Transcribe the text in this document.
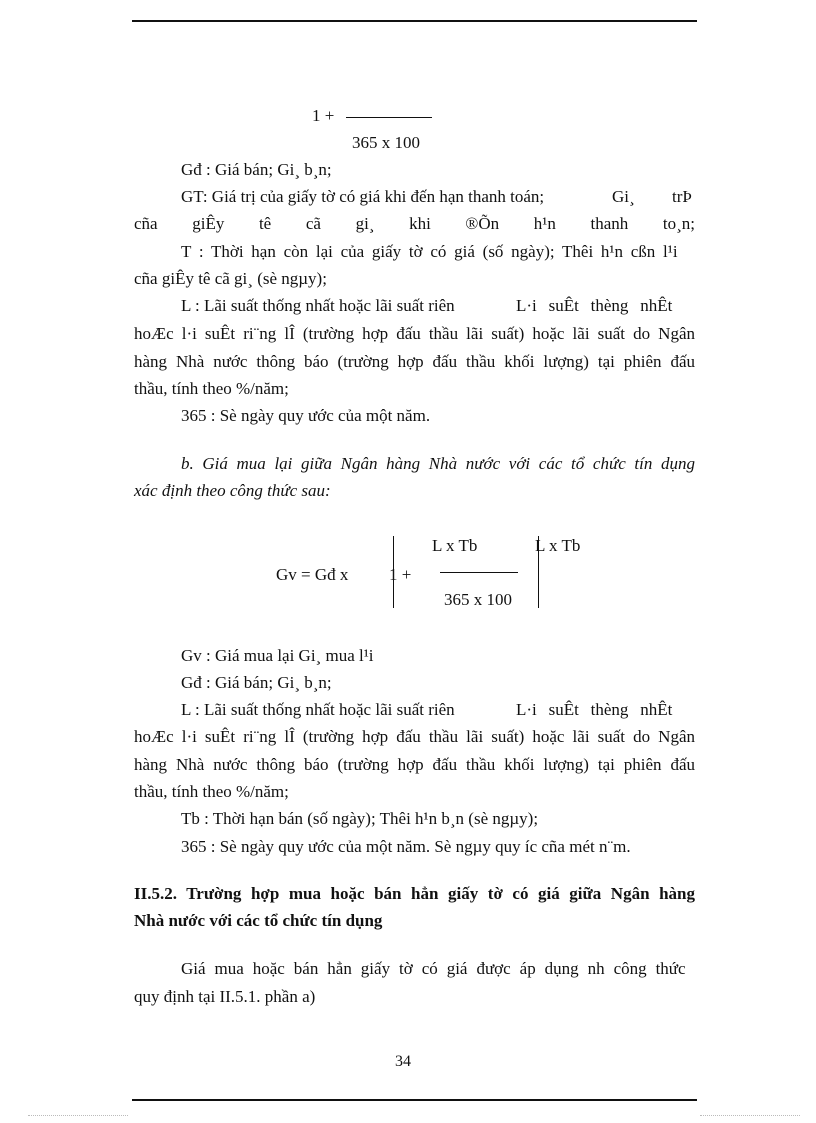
1 +
365 x 100
Gđ : Giá bán; Gi¸ b¸n;
GT: Giá trị của giấy tờ có giá khi đến hạn thanh toán;	Gi¸ trÞ
cña giÊy tê cã gi¸ khi ®Õn h¹n thanh to¸n;
T : Thời hạn còn lại của giấy tờ có giá (số ngày); Thêi h¹n cßn l¹i
cña giÊy tê cã gi¸ (sè ngµy);
L : Lãi suất thống nhất hoặc lãi suất riên	L·i suÊt thèng nhÊt
hoÆc l·i suÊt ri¨ng lÎ (trường hợp đấu thầu lãi suất) hoặc lãi suất do Ngân
hàng Nhà nước thông báo (trường hợp đấu thầu khối lượng) tại phiên đấu
thầu, tính theo %/năm;
365 : Sè ngày quy ước của một năm.
b. Giá mua lại giữa Ngân hàng Nhà nước với các tổ chức tín dụng
xác định theo công thức sau:
Gv = Gđ x 1 +
L x Tb
365 x 100
L x Tb
Gv : Giá mua lại Gi¸ mua l¹i
Gđ : Giá bán; Gi¸ b¸n;
L : Lãi suất thống nhất hoặc lãi suất riên	L·i suÊt thèng nhÊt
hoÆc l·i suÊt ri¨ng lÎ (trường hợp đấu thầu lãi suất) hoặc lãi suất do Ngân
hàng Nhà nước thông báo (trường hợp đấu thầu khối lượng) tại phiên đấu
thầu, tính theo %/năm;
Tb : Thời hạn bán (số ngày); Thêi h¹n b¸n (sè ngµy);
365 : Sè ngày quy ước của một năm. Sè ngµy quy íc cña mét n¨m.
II.5.2. Trường hợp mua hoặc bán hẳn giấy tờ có giá giữa Ngân hàng
Nhà nước với các tổ chức tín dụng
Giá mua hoặc bán hẳn giấy tờ có giá được áp dụng nh công thức
quy định tại II.5.1. phần a)
34
